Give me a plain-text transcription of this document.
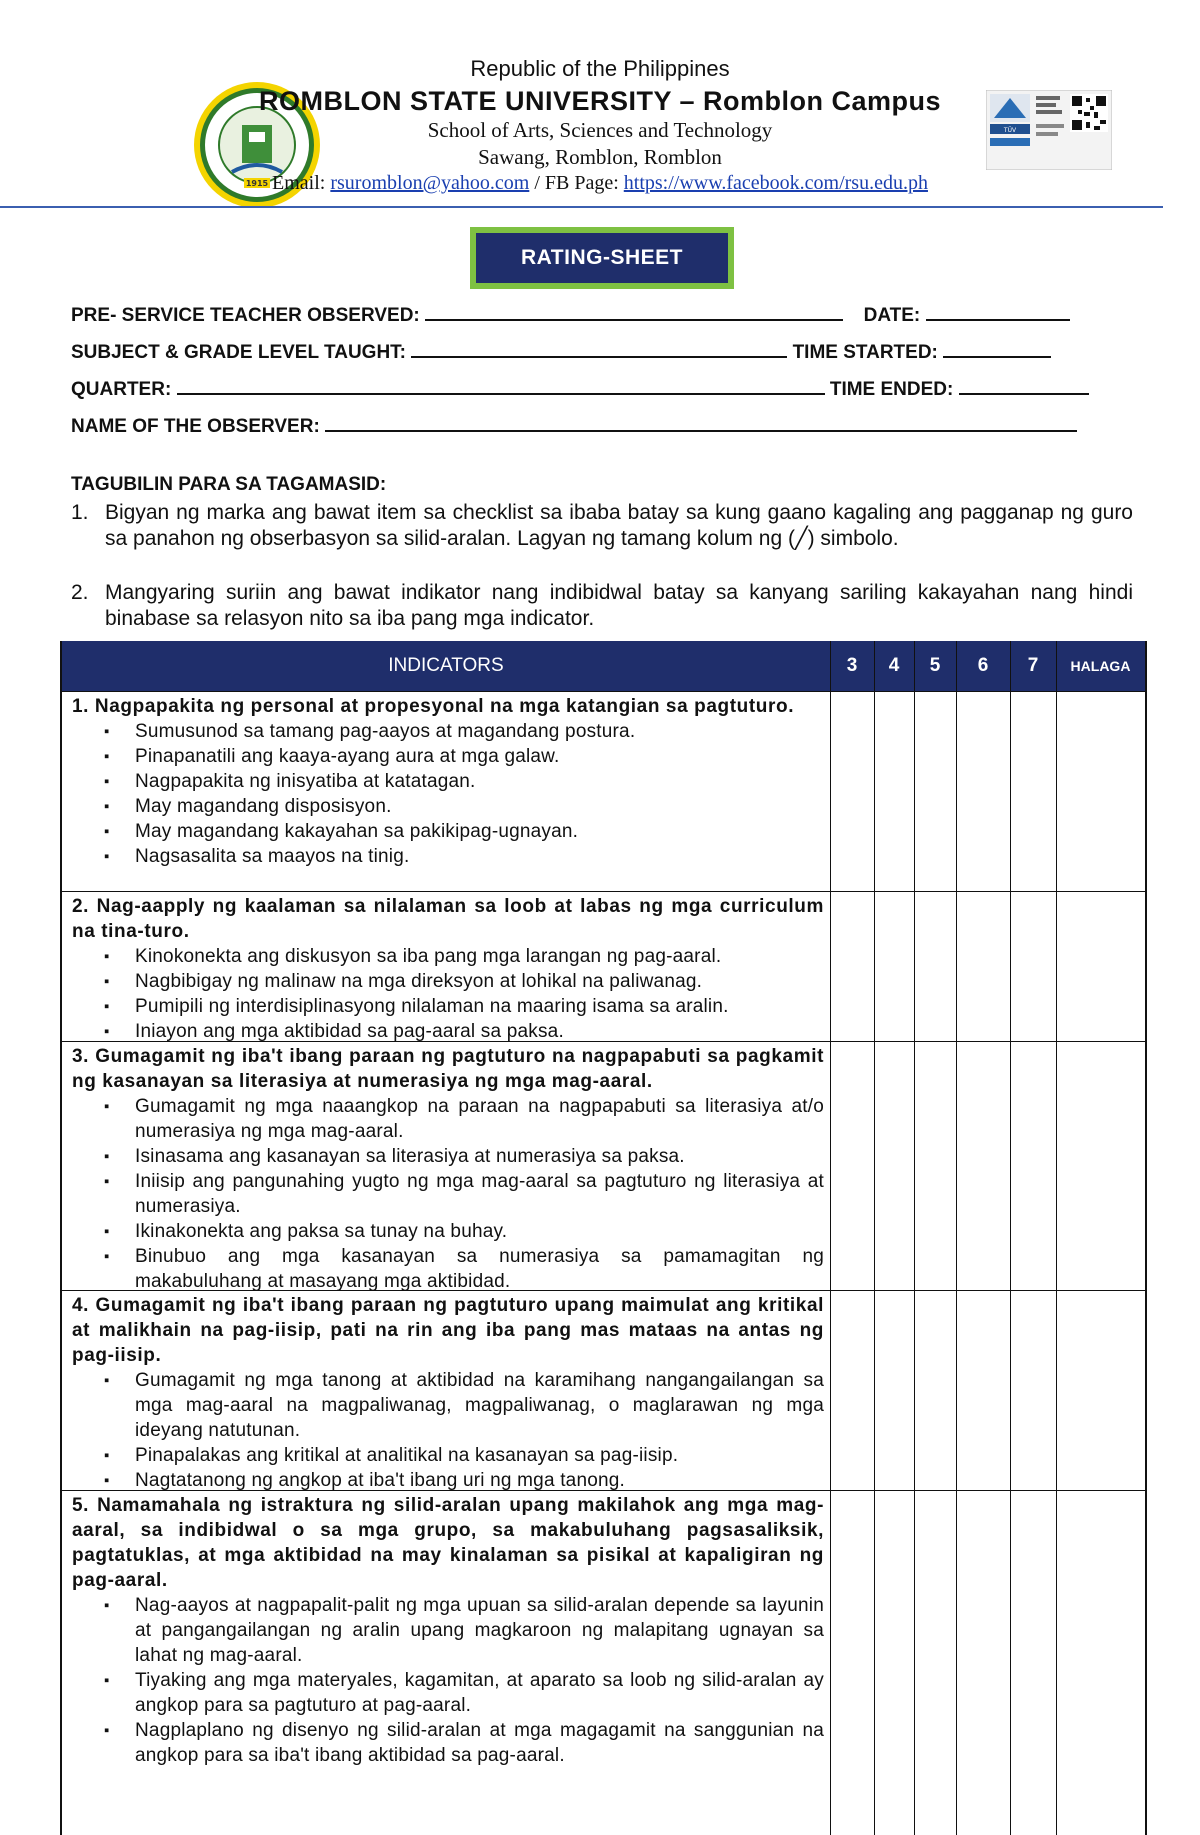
1915
Republic of the Philippines
ROMBLON STATE UNIVERSITY – Romblon Campus
School of Arts, Sciences and Technology
Sawang, Romblon, Romblon
Email: rsuromblon@yahoo.com / FB Page: https://www.facebook.com/rsu.edu.ph
TÜV
RATING-SHEET
PRE- SERVICE TEACHER OBSERVED:	DATE:
SUBJECT & GRADE LEVEL TAUGHT:	TIME STARTED:
QUARTER:	TIME ENDED:
NAME OF THE OBSERVER:
TAGUBILIN PARA SA TAGAMASID:
1. Bigyan ng marka ang bawat item sa checklist sa ibaba batay sa kung gaano kagaling ang pagganap ng guro sa panahon ng obserbasyon sa silid-aralan. Lagyan ng tamang kolum ng (╱) simbolo.
2. Mangyaring suriin ang bawat indikator nang indibidwal batay sa kanyang sariling kakayahan nang hindi binabase sa relasyon nito sa iba pang mga indicator.
INDICATORS	3	4	5	6	7	HALAGA
1. Nagpapakita ng personal at propesyonal na mga katangian sa pagtuturo.
▪ Sumusunod sa tamang pag-aayos at magandang postura.
▪ Pinapanatili ang kaaya-ayang aura at mga galaw.
▪ Nagpapakita ng inisyatiba at katatagan.
▪ May magandang disposisyon.
▪ May magandang kakayahan sa pakikipag-ugnayan.
▪ Nagsasalita sa maayos na tinig.
2. Nag-aapply ng kaalaman sa nilalaman sa loob at labas ng mga curriculum na tina-turo.
▪ Kinokonekta ang diskusyon sa iba pang mga larangan ng pag-aaral.
▪ Nagbibigay ng malinaw na mga direksyon at lohikal na paliwanag.
▪ Pumipili ng interdisiplinasyong nilalaman na maaring isama sa aralin.
▪ Iniayon ang mga aktibidad sa pag-aaral sa paksa.
3. Gumagamit ng iba't ibang paraan ng pagtuturo na nagpapabuti sa pagkamit ng kasanayan sa literasiya at numerasiya ng mga mag-aaral.
▪ Gumagamit ng mga naaangkop na paraan na nagpapabuti sa literasiya at/o numerasiya ng mga mag-aaral.
▪ Isinasama ang kasanayan sa literasiya at numerasiya sa paksa.
▪ Iniisip ang pangunahing yugto ng mga mag-aaral sa pagtuturo ng literasiya at numerasiya.
▪ Ikinakonekta ang paksa sa tunay na buhay.
▪ Binubuo ang mga kasanayan sa numerasiya sa pamamagitan ng makabuluhang at masayang mga aktibidad.
4. Gumagamit ng iba't ibang paraan ng pagtuturo upang maimulat ang kritikal at malikhain na pag-iisip, pati na rin ang iba pang mas mataas na antas ng pag-iisip.
▪ Gumagamit ng mga tanong at aktibidad na karamihang nangangailangan sa mga mag-aaral na magpaliwanag, magpaliwanag, o maglarawan ng mga ideyang natutunan.
▪ Pinapalakas ang kritikal at analitikal na kasanayan sa pag-iisip.
▪ Nagtatanong ng angkop at iba't ibang uri ng mga tanong.
5. Namamahala ng istraktura ng silid-aralan upang makilahok ang mga mag-aaral, sa indibidwal o sa mga grupo, sa makabuluhang pagsasaliksik, pagtatuklas, at mga aktibidad na may kinalaman sa pisikal at kapaligiran ng pag-aaral.
▪ Nag-aayos at nagpapalit-palit ng mga upuan sa silid-aralan depende sa layunin at pangangailangan ng aralin upang magkaroon ng malapitang ugnayan sa lahat ng mag-aaral.
▪ Tiyaking ang mga materyales, kagamitan, at aparato sa loob ng silid-aralan ay angkop para sa pagtuturo at pag-aaral.
▪ Nagplaplano ng disenyo ng silid-aralan at mga magagamit na sanggunian na angkop para sa iba't ibang aktibidad sa pag-aaral.
